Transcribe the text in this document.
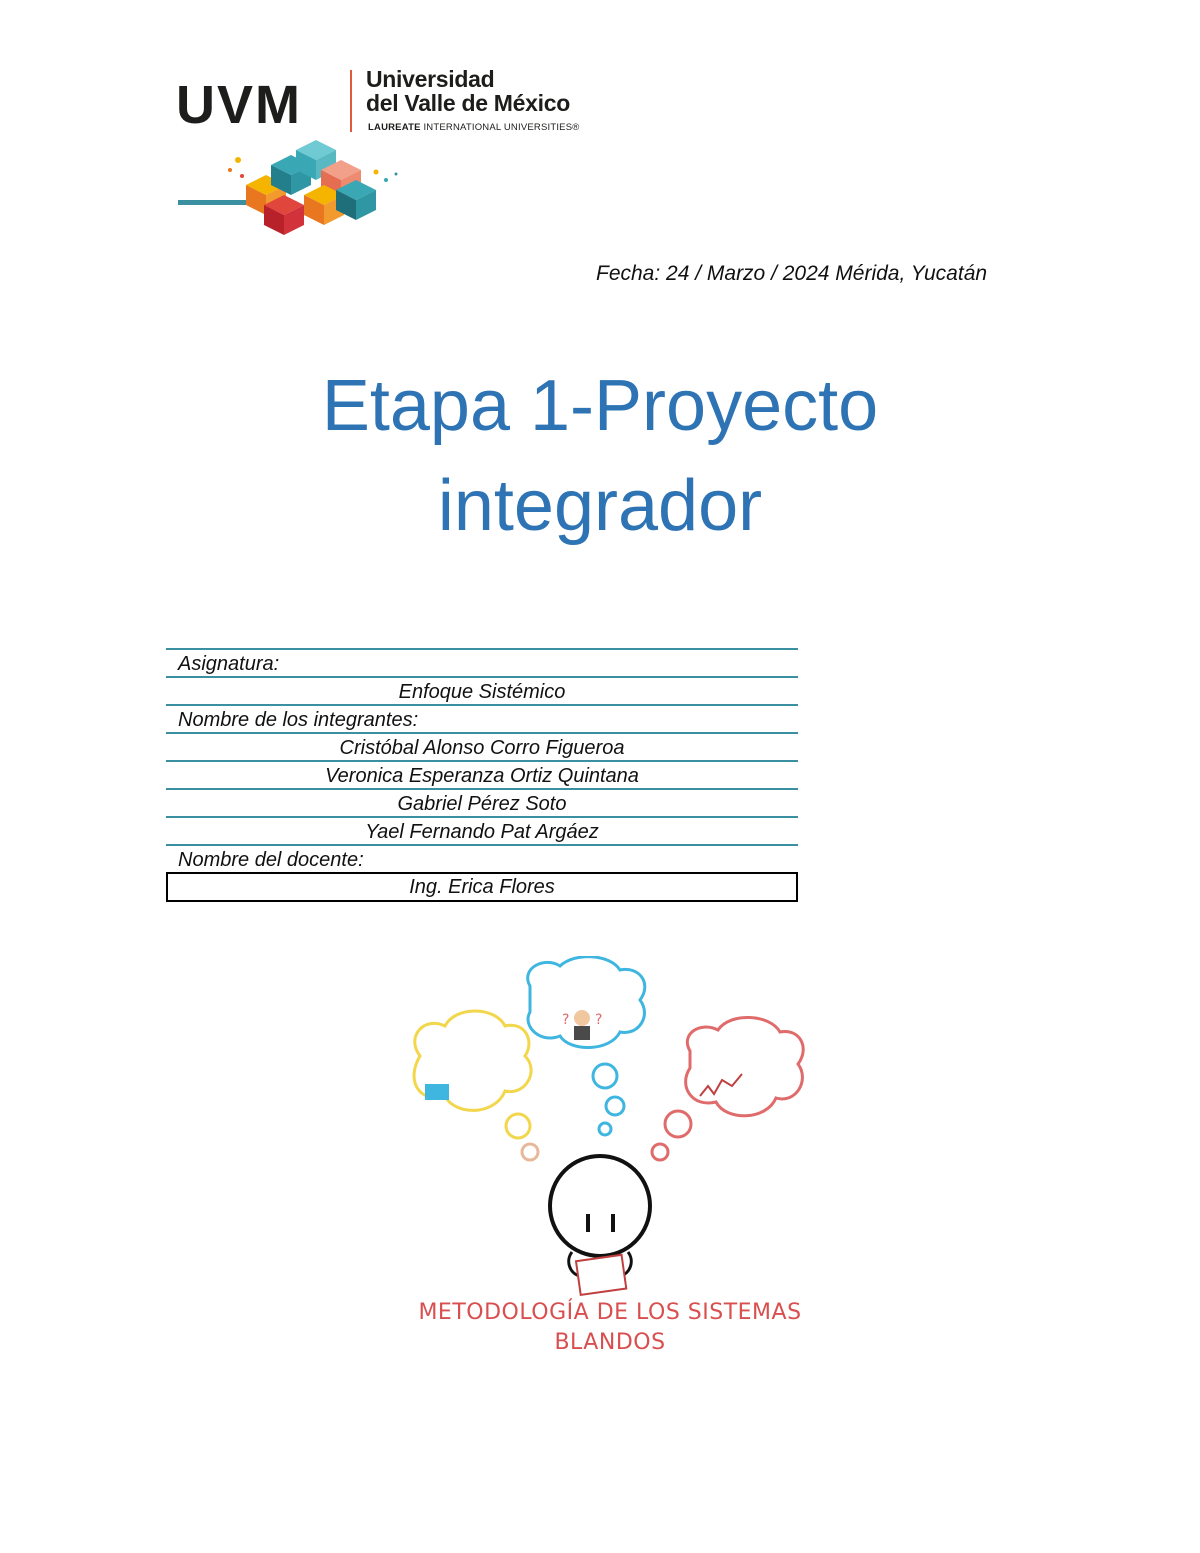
UVM	Universidad
del Valle de México
LAUREATE INTERNATIONAL UNIVERSITIES®
Fecha: 24 / Marzo / 2024 Mérida, Yucatán
Etapa 1-Proyecto
integrador
Asignatura:
Enfoque Sistémico
Nombre de los integrantes:
Cristóbal Alonso Corro Figueroa
Veronica Esperanza Ortiz Quintana
Gabriel Pérez Soto
Yael Fernando Pat Argáez
Nombre del docente:
Ing. Erica Flores
? ?
METODOLOGÍA DE LOS SISTEMAS
BLANDOS
